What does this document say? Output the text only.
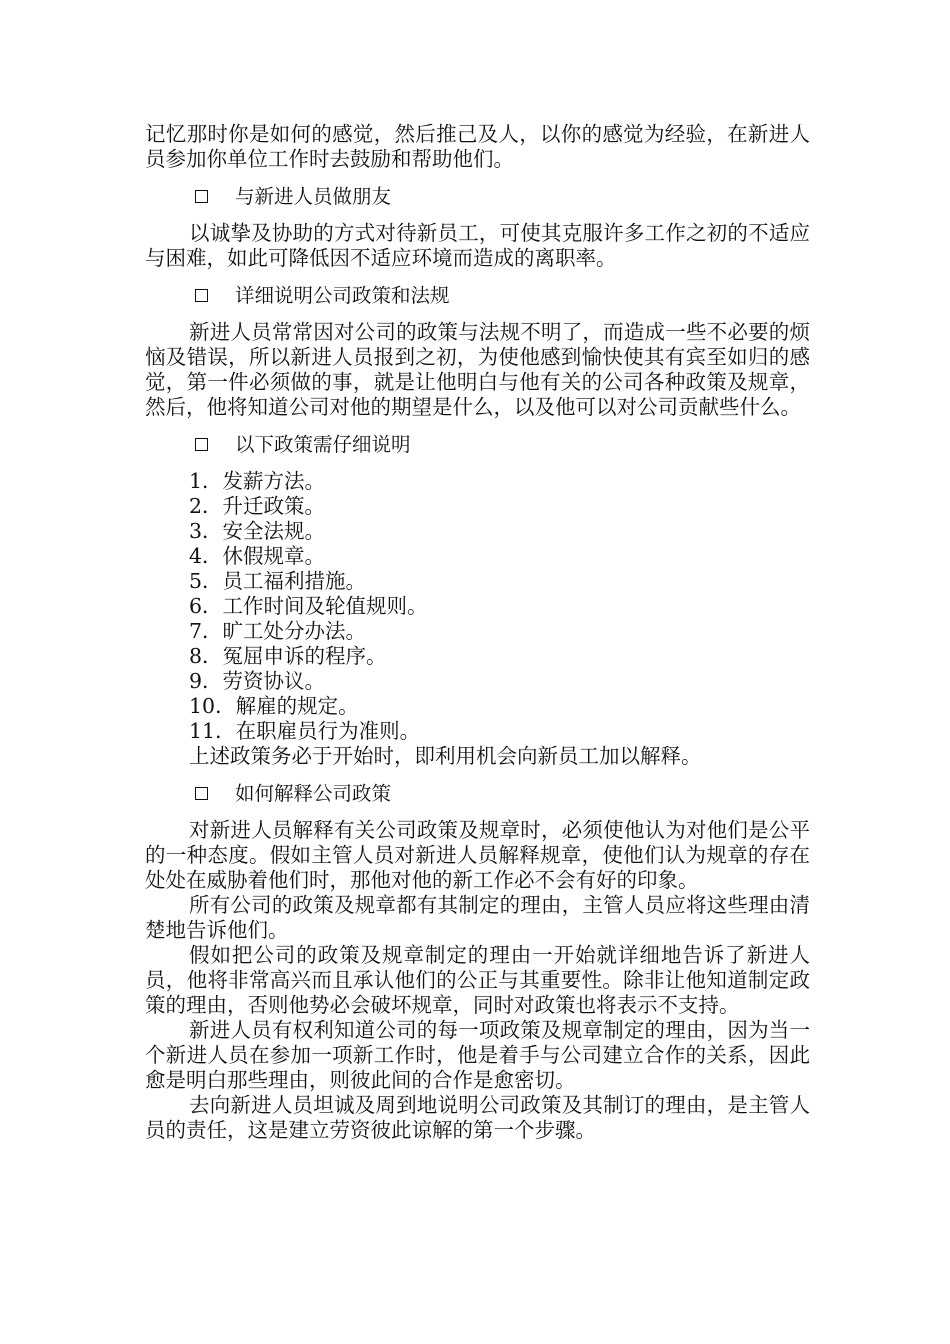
记忆那时你是如何的感觉，然后推己及人，以你的感觉为经验，在新进人员参加你单位工作时去鼓励和帮助他们。

与新进人员做朋友

以诚挚及协助的方式对待新员工，可使其克服许多工作之初的不适应与困难，如此可降低因不适应环境而造成的离职率。

详细说明公司政策和法规

新进人员常常因对公司的政策与法规不明了，而造成一些不必要的烦恼及错误，所以新进人员报到之初，为使他感到愉快使其有宾至如归的感觉，第一件必须做的事，就是让他明白与他有关的公司各种政策及规章，然后，他将知道公司对他的期望是什么，以及他可以对公司贡献些什么。

以下政策需仔细说明
1．发薪方法。
2．升迁政策。
3．安全法规。
4．休假规章。
5．员工福利措施。
6．工作时间及轮值规则。
7．旷工处分办法。
8．冤屈申诉的程序。
9．劳资协议。
10．解雇的规定。
11．在职雇员行为准则。

上述政策务必于开始时，即利用机会向新员工加以解释。

如何解释公司政策

对新进人员解释有关公司政策及规章时，必须使他认为对他们是公平的一种态度。假如主管人员对新进人员解释规章，使他们认为规章的存在处处在威胁着他们时，那他对他的新工作必不会有好的印象。

所有公司的政策及规章都有其制定的理由，主管人员应将这些理由清楚地告诉他们。

假如把公司的政策及规章制定的理由一开始就详细地告诉了新进人员，他将非常高兴而且承认他们的公正与其重要性。除非让他知道制定政策的理由，否则他势必会破坏规章，同时对政策也将表示不支持。

新进人员有权利知道公司的每一项政策及规章制定的理由，因为当一个新进人员在参加一项新工作时，他是着手与公司建立合作的关系，因此愈是明白那些理由，则彼此间的合作是愈密切。

去向新进人员坦诚及周到地说明公司政策及其制订的理由，是主管人员的责任，这是建立劳资彼此谅解的第一个步骤。
